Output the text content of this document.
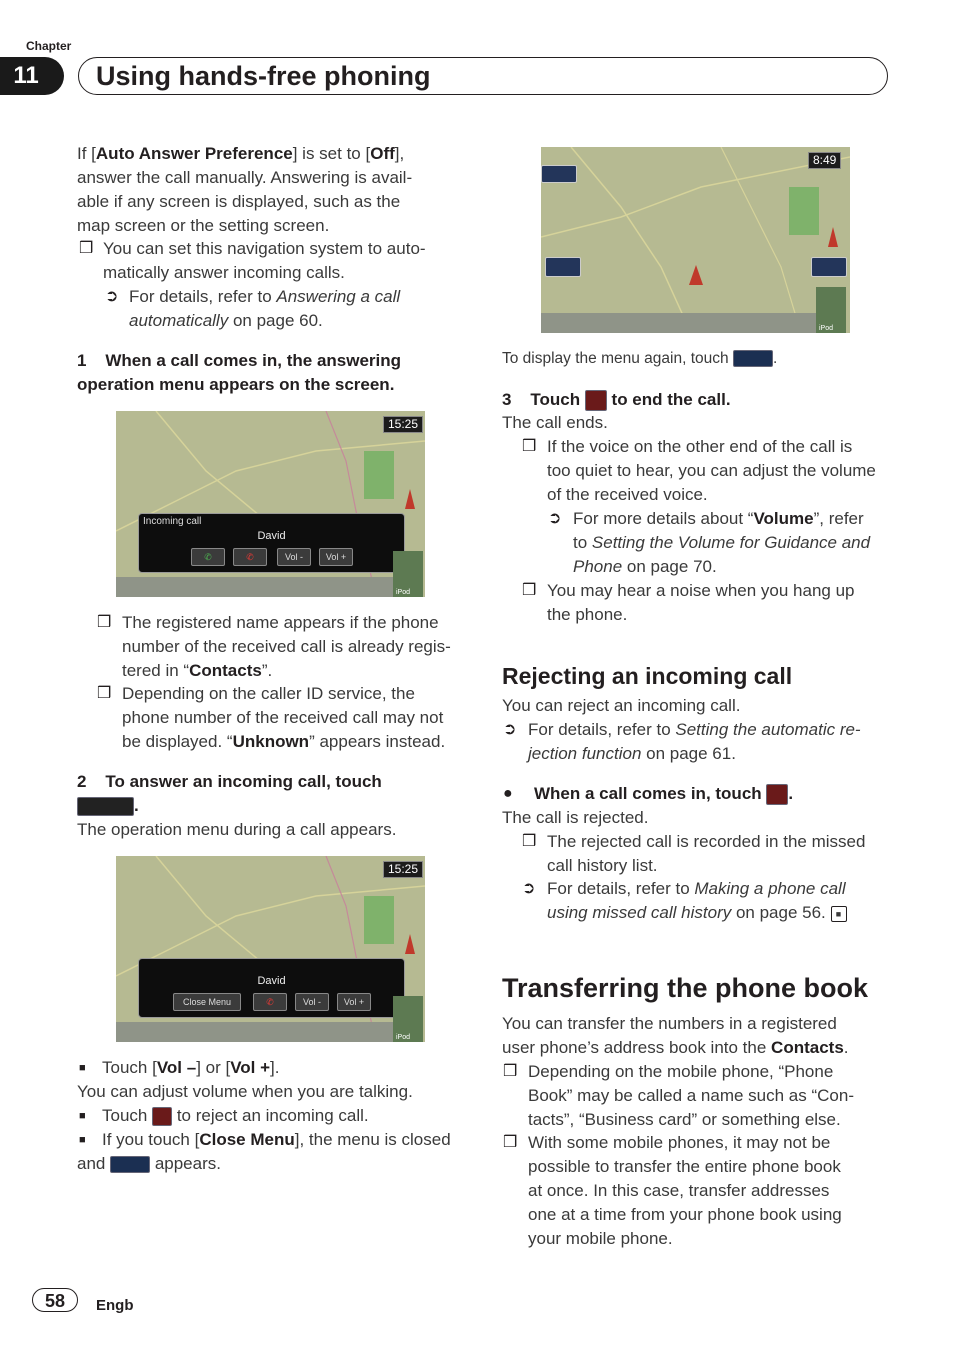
Chapter
11	Using hands-free phoning
If [Auto Answer Preference] is set to [Off],
answer the call manually. Answering is avail-
able if any screen is displayed, such as the
map screen or the setting screen.
❒ You can set this navigation system to auto-
matically answer incoming calls.
➲ For details, refer to Answering a call
automatically on page 60.
1    When a call comes in, the answering
operation menu appears on the screen.
15:25
Incoming call
David
✆	✆	Vol -	Vol +
iPod
❒ The registered name appears if the phone
number of the received call is already regis-
tered in “Contacts”.
❒ Depending on the caller ID service, the
phone number of the received call may not
be displayed. “Unknown” appears instead.
2    To answer an incoming call, touch
.
The operation menu during a call appears.
15:25
David
Close Menu	✆	Vol -	Vol +
iPod
■ Touch [Vol –] or [Vol +].
You can adjust volume when you are talking.
■ Touch  to reject an incoming call.
■ If you touch [Close Menu], the menu is closed
and  appears.
8:49
iPod
To display the menu again, touch	.
3    Touch  to end the call.
The call ends.
❒ If the voice on the other end of the call is
too quiet to hear, you can adjust the volume
of the received voice.
➲ For more details about “Volume”, refer
to Setting the Volume for Guidance and
Phone on page 70.
❒ You may hear a noise when you hang up
the phone.
Rejecting an incoming call
You can reject an incoming call.
➲ For details, refer to Setting the automatic re-
jection function on page 61.
● When a call comes in, touch .
The call is rejected.
❒ The rejected call is recorded in the missed
call history list.
➲ For details, refer to Making a phone call
using missed call history on page 56. ■
Transferring the phone book
You can transfer the numbers in a registered
user phone’s address book into the Contacts.
❒ Depending on the mobile phone, “Phone
Book” may be called a name such as “Con-
tacts”, “Business card” or something else.
❒ With some mobile phones, it may not be
possible to transfer the entire phone book
at once. In this case, transfer addresses
one at a time from your phone book using
your mobile phone.
58	Engb
